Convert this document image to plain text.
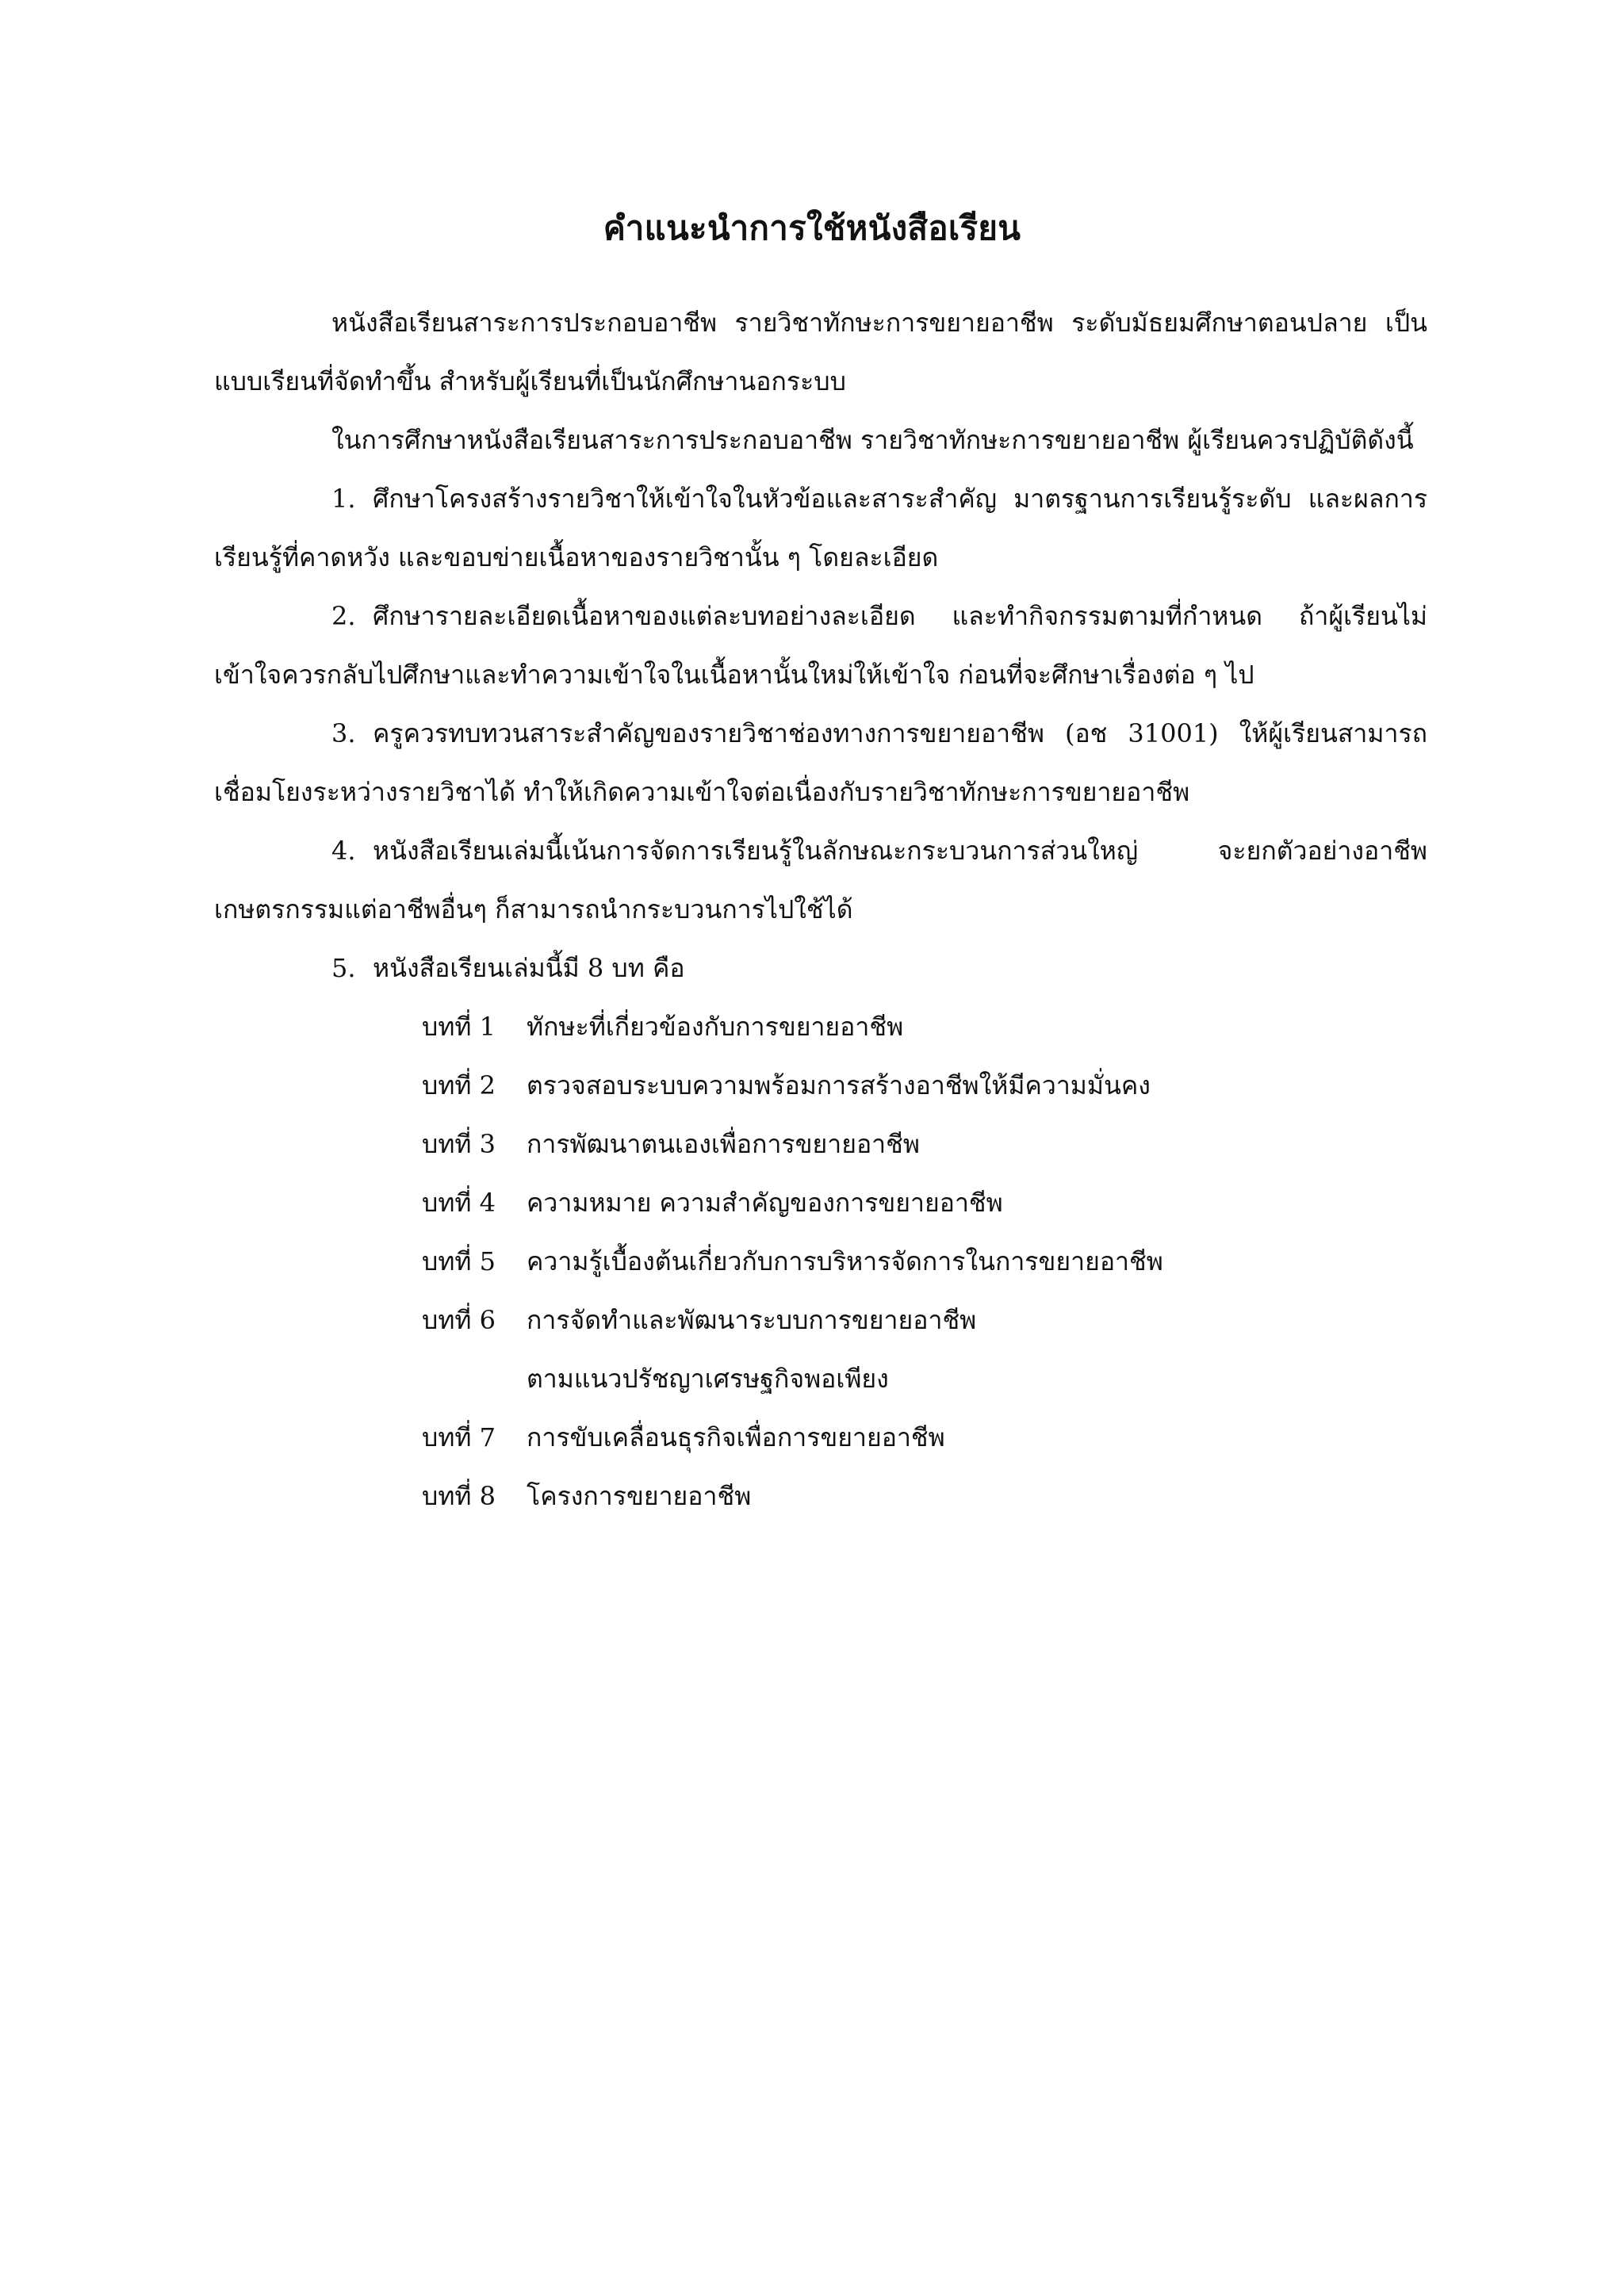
คำแนะนำการใช้หนังสือเรียน

หนังสือเรียนสาระการประกอบอาชีพ รายวิชาทักษะการขยายอาชีพ ระดับมัธยมศึกษาตอนปลาย เป็นแบบเรียนที่จัดทำขึ้น สำหรับผู้เรียนที่เป็นนักศึกษานอกระบบ

ในการศึกษาหนังสือเรียนสาระการประกอบอาชีพ รายวิชาทักษะการขยายอาชีพ ผู้เรียนควรปฏิบัติดังนี้

1. ศึกษาโครงสร้างรายวิชาให้เข้าใจในหัวข้อและสาระสำคัญ มาตรฐานการเรียนรู้ระดับ และผลการเรียนรู้ที่คาดหวัง และขอบข่ายเนื้อหาของรายวิชานั้น ๆ โดยละเอียด

2. ศึกษารายละเอียดเนื้อหาของแต่ละบทอย่างละเอียด และทำกิจกรรมตามที่กำหนด ถ้าผู้เรียนไม่เข้าใจควรกลับไปศึกษาและทำความเข้าใจในเนื้อหานั้นใหม่ให้เข้าใจ ก่อนที่จะศึกษาเรื่องต่อ ๆ ไป

3. ครูควรทบทวนสาระสำคัญของรายวิชาช่องทางการขยายอาชีพ (อช 31001) ให้ผู้เรียนสามารถเชื่อมโยงระหว่างรายวิชาได้ ทำให้เกิดความเข้าใจต่อเนื่องกับรายวิชาทักษะการขยายอาชีพ

4. หนังสือเรียนเล่มนี้เน้นการจัดการเรียนรู้ในลักษณะกระบวนการส่วนใหญ่ จะยกตัวอย่างอาชีพเกษตรกรรมแต่อาชีพอื่นๆ ก็สามารถนำกระบวนการไปใช้ได้

5. หนังสือเรียนเล่มนี้มี 8 บท คือ

บทที่ 1 ทักษะที่เกี่ยวข้องกับการขยายอาชีพ
บทที่ 2 ตรวจสอบระบบความพร้อมการสร้างอาชีพให้มีความมั่นคง
บทที่ 3 การพัฒนาตนเองเพื่อการขยายอาชีพ
บทที่ 4 ความหมาย ความสำคัญของการขยายอาชีพ
บทที่ 5 ความรู้เบื้องต้นเกี่ยวกับการบริหารจัดการในการขยายอาชีพ
บทที่ 6 การจัดทำและพัฒนาระบบการขยายอาชีพ
ตามแนวปรัชญาเศรษฐกิจพอเพียง
บทที่ 7 การขับเคลื่อนธุรกิจเพื่อการขยายอาชีพ
บทที่ 8 โครงการขยายอาชีพ
